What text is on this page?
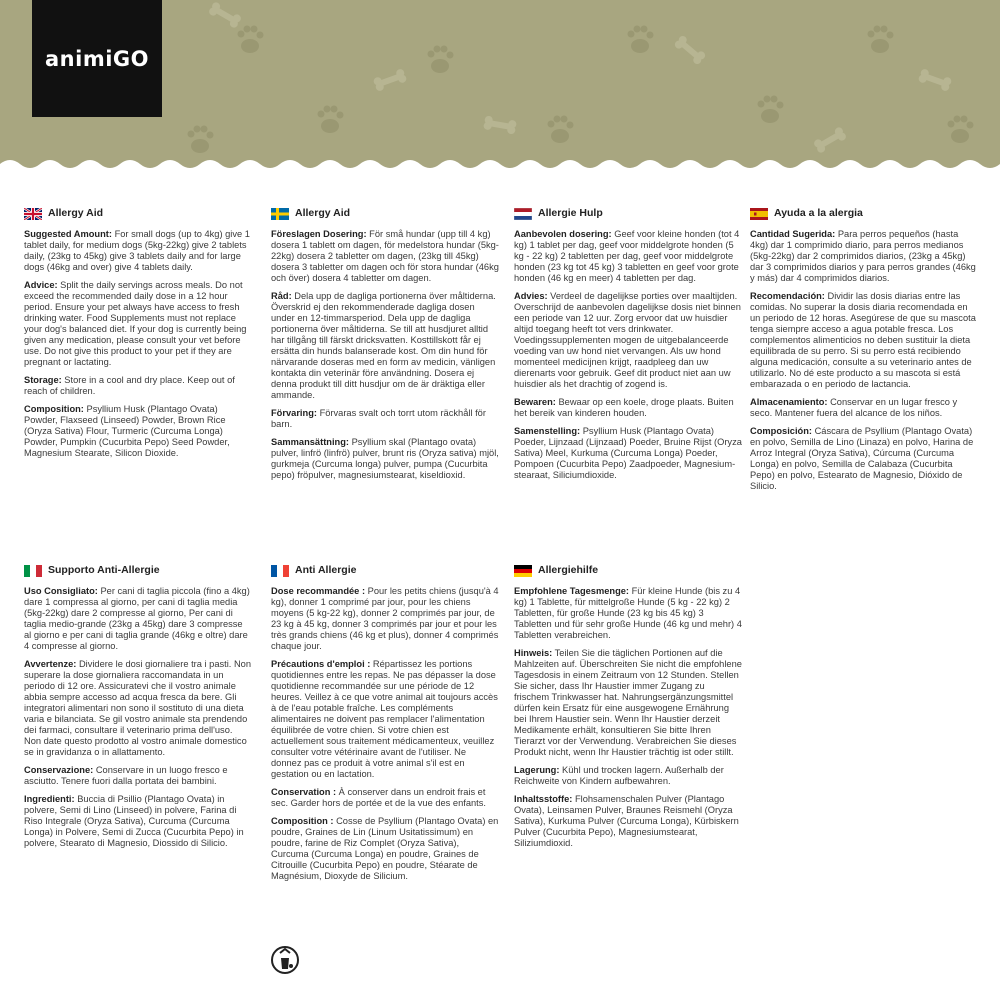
animiGO
Allergy Aid

Suggested Amount: For small dogs (up to 4kg) give 1 tablet daily, for medium dogs (5kg-22kg) give 2 tablets daily, (23kg to 45kg) give 3 tablets daily and for large dogs (46kg and over) give 4 tablets daily.

Advice: Split the daily servings across meals. Do not exceed the recommended daily dose in a 12 hour period. Ensure your pet always have access to fresh drinking water. Food Supplements must not replace your dog's balanced diet. If your dog is currently being given any medication, please consult your vet before use. Do not give this product to your pet if they are pregnant or lactating.

Storage: Store in a cool and dry place. Keep out of reach of children.

Composition: Psyllium Husk (Plantago Ovata) Powder, Flaxseed (Linseed) Powder, Brown Rice (Oryza Sativa) Flour, Turmeric (Curcuma Longa) Powder, Pumpkin (Cucurbita Pepo) Seed Powder, Magnesium Stearate, Silicon Dioxide.

Allergy Aid

Föreslagen Dosering: För små hundar (upp till 4 kg) dosera 1 tablett om dagen, för medelstora hundar (5kg-22kg) dosera 2 tabletter om dagen, (23kg till 45kg) dosera 3 tabletter om dagen och för stora hundar (46kg och över) dosera 4 tabletter om dagen.

Råd: Dela upp de dagliga portionerna över måltiderna. Överskrid ej den rekommenderade dagliga dosen under en 12-timmarsperiod. Dela upp de dagliga portionerna över måltiderna. Se till att husdjuret alltid har tillgång till färskt dricksvatten. Kosttillskott får ej ersätta din hunds balanserade kost. Om din hund för närvarande doseras med en form av medicin, vänligen kontakta din veterinär före användning. Dosera ej denna produkt till ditt husdjur om de är dräktiga eller ammande.

Förvaring: Förvaras svalt och torrt utom räckhåll för barn.

Sammansättning: Psyllium skal (Plantago ovata) pulver, linfrö (linfrö) pulver, brunt ris (Oryza sativa) mjöl, gurkmeja (Curcuma longa) pulver, pumpa (Cucurbita pepo) fröpulver, magnesiumstearat, kiseldioxid.

Allergie Hulp

Aanbevolen dosering: Geef voor kleine honden (tot 4 kg) 1 tablet per dag, geef voor middelgrote honden (5 kg - 22 kg) 2 tabletten per dag, geef voor middelgrote honden (23 kg tot 45 kg) 3 tabletten en geef voor grote honden (46 kg en meer) 4 tabletten per dag.

Advies: Verdeel de dagelijkse porties over maaltijden. Overschrijd de aanbevolen dagelijkse dosis niet binnen een periode van 12 uur. Zorg ervoor dat uw huisdier altijd toegang heeft tot vers drinkwater. Voedingssupplementen mogen de uitgebalanceerde voeding van uw hond niet vervangen. Als uw hond momenteel medicijnen krijgt, raadpleeg dan uw dierenarts voor gebruik. Geef dit product niet aan uw huisdier als het drachtig of zogend is.

Bewaren: Bewaar op een koele, droge plaats. Buiten het bereik van kinderen houden.

Samenstelling: Psyllium Husk (Plantago Ovata) Poeder, Lijnzaad (Lijnzaad) Poeder, Bruine Rijst (Oryza Sativa) Meel, Kurkuma (Curcuma Longa) Poeder, Pompoen (Cucurbita Pepo) Zaadpoeder, Magnesium-stearaat, Siliciumdioxide.

Ayuda a la alergia

Cantidad Sugerida: Para perros pequeños (hasta 4kg) dar 1 comprimido diario, para perros medianos (5kg-22kg) dar 2 comprimidos diarios, (23kg a 45kg) dar 3 comprimidos diarios y para perros grandes (46kg y más) dar 4 comprimidos diarios.

Recomendación: Dividir las dosis diarias entre las comidas. No superar la dosis diaria recomendada en un periodo de 12 horas. Asegúrese de que su mascota tenga siempre acceso a agua potable fresca. Los complementos alimenticios no deben sustituir la dieta equilibrada de su perro. Si su perro está recibiendo alguna medicación, consulte a su veterinario antes de utilizarlo. No dé este producto a su mascota si está embarazada o en periodo de lactancia.

Almacenamiento: Conservar en un lugar fresco y seco. Mantener fuera del alcance de los niños.

Composición: Cáscara de Psyllium (Plantago Ovata) en polvo, Semilla de Lino (Linaza) en polvo, Harina de Arroz Integral (Oryza Sativa), Cúrcuma (Curcuma Longa) en polvo, Semilla de Calabaza (Cucurbita Pepo) en polvo, Estearato de Magnesio, Dióxido de Silicio.

Supporto Anti-Allergie

Uso Consigliato: Per cani di taglia piccola (fino a 4kg) dare 1 compressa al giorno, per cani di taglia media (5kg-22kg) dare 2 compresse al giorno, Per cani di taglia medio-grande (23kg a 45kg) dare 3 compresse al giorno e per cani di taglia grande (46kg e oltre) dare 4 compresse al giorno.

Avvertenze: Dividere le dosi giornaliere tra i pasti. Non superare la dose giornaliera raccomandata in un periodo di 12 ore. Assicuratevi che il vostro animale abbia sempre accesso ad acqua fresca da bere. Gli integratori alimentari non sono il sostituto di una dieta varia e bilanciata. Se gil vostro animale sta prendendo dei farmaci, consultare il veterinario prima dell'uso. Non date questo prodotto al vostro animale domestico se in gravidanza o in allattamento.

Conservazione: Conservare in un luogo fresco e asciutto. Tenere fuori dalla portata dei bambini.

Ingredienti: Buccia di Psillio (Plantago Ovata) in polvere, Semi di Lino (Linseed) in polvere, Farina di Riso Integrale (Oryza Sativa), Curcuma (Curcuma Longa) in Polvere, Semi di Zucca (Cucurbita Pepo) in polvere, Stearato di Magnesio, Diossido di Silicio.

Anti Allergie

Dose recommandée : Pour les petits chiens (jusqu'à 4 kg), donner 1 comprimé par jour, pour les chiens moyens (5 kg-22 kg), donner 2 comprimés par jour, de 23 kg à 45 kg, donner 3 comprimés par jour et pour les très grands chiens (46 kg et plus), donner 4 comprimés chaque jour.

Précautions d'emploi : Répartissez les portions quotidiennes entre les repas. Ne pas dépasser la dose quotidienne recommandée sur une période de 12 heures. Veillez à ce que votre animal ait toujours accès à de l'eau potable fraîche. Les compléments alimentaires ne doivent pas remplacer l'alimentation équilibrée de votre chien. Si votre chien est actuellement sous traitement médicamenteux, veuillez consulter votre vétérinaire avant de l'utiliser. Ne donnez pas ce produit à votre animal s'il est en gestation ou en lactation.

Conservation : À conserver dans un endroit frais et sec. Garder hors de portée et de la vue des enfants.

Composition : Cosse de Psyllium (Plantago Ovata) en poudre, Graines de Lin (Linum Usitatissimum) en poudre, farine de Riz Complet (Oryza Sativa), Curcuma (Curcuma Longa) en poudre, Graines de Citrouille (Cucurbita Pepo) en poudre, Stéarate de Magnésium, Dioxyde de Silicium.

Allergiehilfe

Empfohlene Tagesmenge: Für kleine Hunde (bis zu 4 kg) 1 Tablette, für mittelgroße Hunde (5 kg - 22 kg) 2 Tabletten, für große Hunde (23 kg bis 45 kg) 3 Tabletten und für sehr große Hunde (46 kg und mehr) 4 Tabletten verabreichen.

Hinweis: Teilen Sie die täglichen Portionen auf die Mahlzeiten auf. Überschreiten Sie nicht die empfohlene Tagesdosis in einem Zeitraum von 12 Stunden. Stellen Sie sicher, dass Ihr Haustier immer Zugang zu frischem Trinkwasser hat. Nahrungsergänzungsmittel dürfen kein Ersatz für eine ausgewogene Ernährung bei Ihrem Haustier sein. Wenn Ihr Haustier derzeit Medikamente erhält, konsultieren Sie bitte Ihren Tierarzt vor der Verwendung. Verabreichen Sie dieses Produkt nicht, wenn Ihr Haustier trächtig ist oder stillt.

Lagerung: Kühl und trocken lagern. Außerhalb der Reichweite von Kindern aufbewahren.

Inhaltsstoffe: Flohsamenschalen Pulver (Plantago Ovata), Leinsamen Pulver, Braunes Reismehl (Oryza Sativa), Kurkuma Pulver (Curcuma Longa), Kürbiskern Pulver (Cucurbita Pepo), Magnesiumstearat, Siliziumdioxid.
